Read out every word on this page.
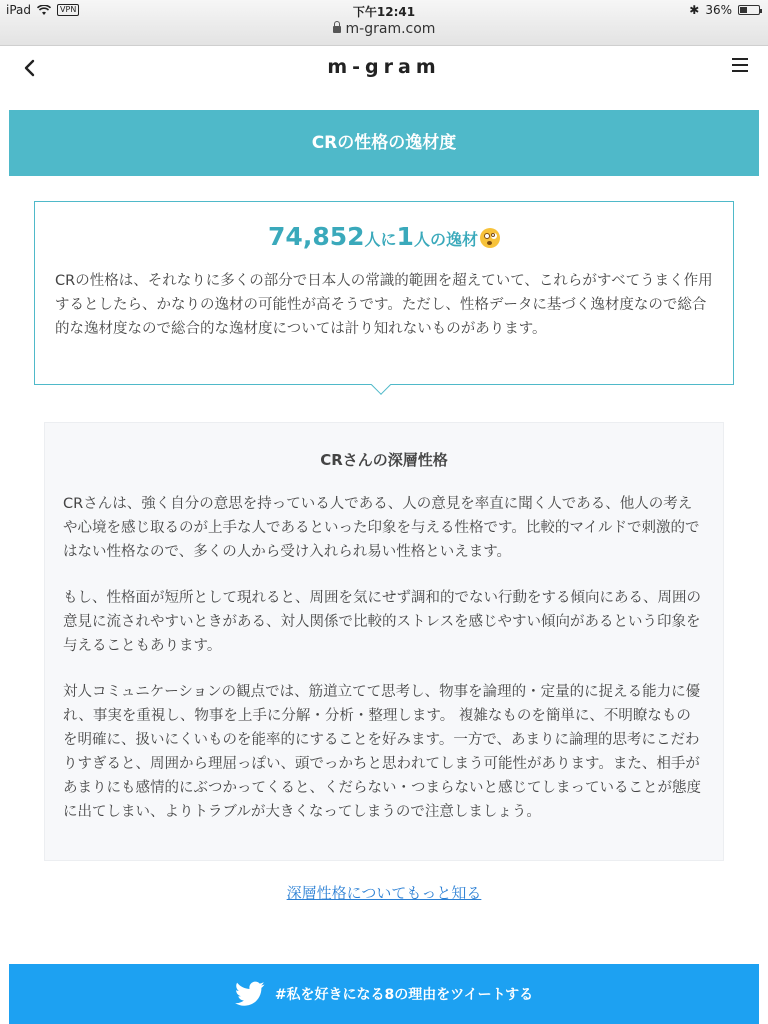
iPad	VPN	下午12:41	✱ 36%
m-gram.com
m-gram
CRの性格の逸材度
74,852人に1人の逸材

CRの性格は、それなりに多くの部分で日本人の常識的範囲を超えていて、これらがすべてうまく作用するとしたら、かなりの逸材の可能性が高そうです。ただし、性格データに基づく逸材度なので総合的な逸材度なので総合的な逸材度については計り知れないものがあります。

CRさんの深層性格

CRさんは、強く自分の意思を持っている人である、人の意見を率直に聞く人である、他人の考えや心境を感じ取るのが上手な人であるといった印象を与える性格です。比較的マイルドで刺激的ではない性格なので、多くの人から受け入れられ易い性格といえます。

もし、性格面が短所として現れると、周囲を気にせず調和的でない行動をする傾向にある、周囲の意見に流されやすいときがある、対人関係で比較的ストレスを感じやすい傾向があるという印象を与えることもあります。

対人コミュニケーションの観点では、筋道立てて思考し、物事を論理的・定量的に捉える能力に優れ、事実を重視し、物事を上手に分解・分析・整理します。 複雑なものを簡単に、不明瞭なものを明確に、扱いにくいものを能率的にすることを好みます。一方で、あまりに論理的思考にこだわりすぎると、周囲から理屈っぽい、頭でっかちと思われてしまう可能性があります。また、相手があまりにも感情的にぶつかってくると、くだらない・つまらないと感じてしまっていることが態度に出てしまい、よりトラブルが大きくなってしまうので注意しましょう。

深層性格についてもっと知る
#私を好きになる8の理由をツイートする
